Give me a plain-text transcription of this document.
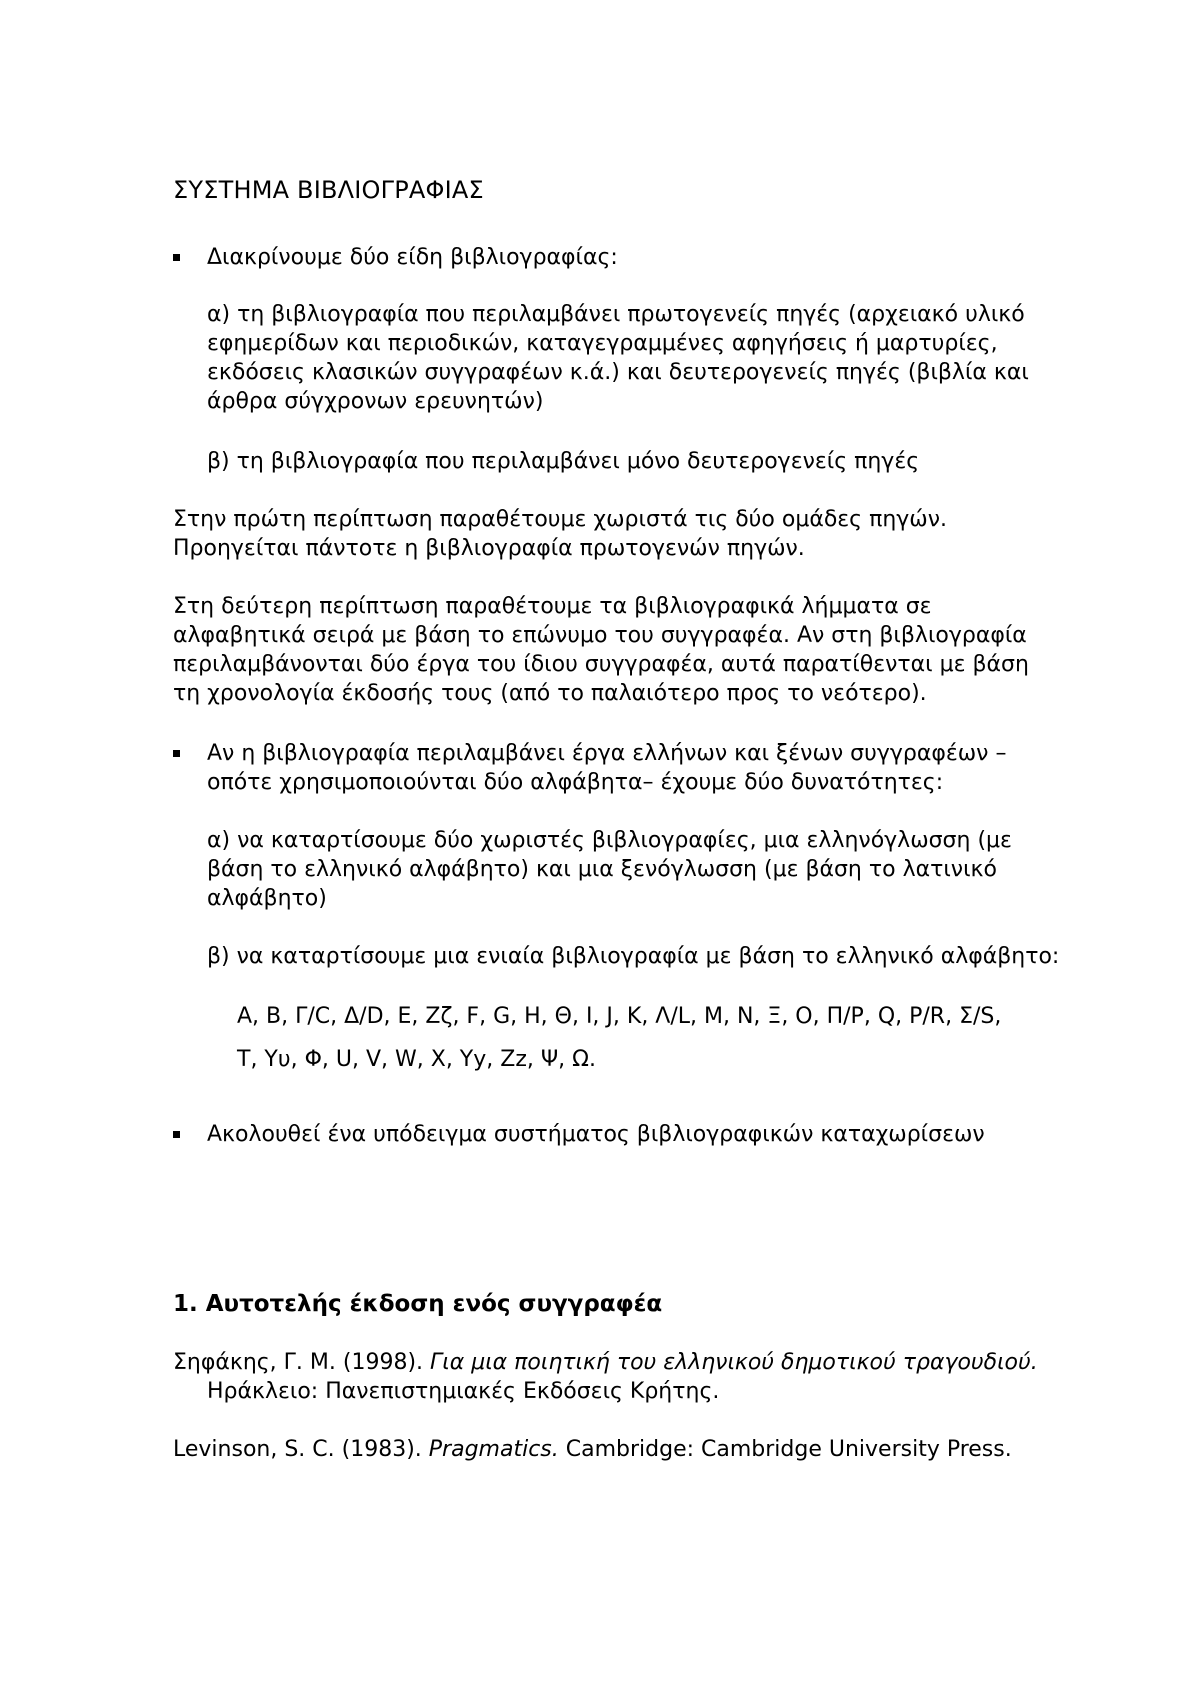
ΣΥΣΤΗΜΑ ΒΙΒΛΙΟΓΡΑΦΙΑΣ

Διακρίνουμε δύο είδη βιβλιογραφίας:

α) τη βιβλιογραφία που περιλαμβάνει πρωτογενείς πηγές (αρχειακό υλικό εφημερίδων και περιοδικών, καταγεγραμμένες αφηγήσεις ή μαρτυρίες, εκδόσεις κλασικών συγγραφέων κ.ά.) και δευτερογενείς πηγές (βιβλία και άρθρα σύγχρονων ερευνητών)

β) τη βιβλιογραφία που περιλαμβάνει μόνο δευτερογενείς πηγές

Στην πρώτη περίπτωση παραθέτουμε χωριστά τις δύο ομάδες πηγών. Προηγείται πάντοτε η βιβλιογραφία πρωτογενών πηγών.

Στη δεύτερη περίπτωση παραθέτουμε τα βιβλιογραφικά λήμματα σε αλφαβητικά σειρά με βάση το επώνυμο του συγγραφέα. Αν στη βιβλιογραφία περιλαμβάνονται δύο έργα του ίδιου συγγραφέα, αυτά παρατίθενται με βάση τη χρονολογία έκδοσής τους (από το παλαιότερο προς το νεότερο).

Αν η βιβλιογραφία περιλαμβάνει έργα ελλήνων και ξένων συγγραφέων – οπότε χρησιμοποιούνται δύο αλφάβητα– έχουμε δύο δυνατότητες:

α) να καταρτίσουμε δύο χωριστές βιβλιογραφίες, μια ελληνόγλωσση (με βάση το ελληνικό αλφάβητο) και μια ξενόγλωσση (με βάση το λατινικό αλφάβητο)

β) να καταρτίσουμε μια ενιαία βιβλιογραφία με βάση το ελληνικό αλφάβητο:

Α, Β, Γ/C, Δ/D, Ε, Ζζ, F, G, H, Θ, Ι, J, K, Λ/L, M, N, Ξ, Ο, Π/P, Q, P/R, Σ/S,
Τ, Yυ, Φ, U, V, W, X, Yy, Zz, Ψ, Ω.
Ακολουθεί ένα υπόδειγμα συστήματος βιβλιογραφικών καταχωρίσεων

1. Αυτοτελής έκδοση ενός συγγραφέα

Σηφάκης, Γ. Μ. (1998). Για μια ποιητική του ελληνικού δημοτικού τραγουδιού. Ηράκλειο: Πανεπιστημιακές Εκδόσεις Κρήτης.

Levinson, S. C. (1983). Pragmatics. Cambridge: Cambridge University Press.
